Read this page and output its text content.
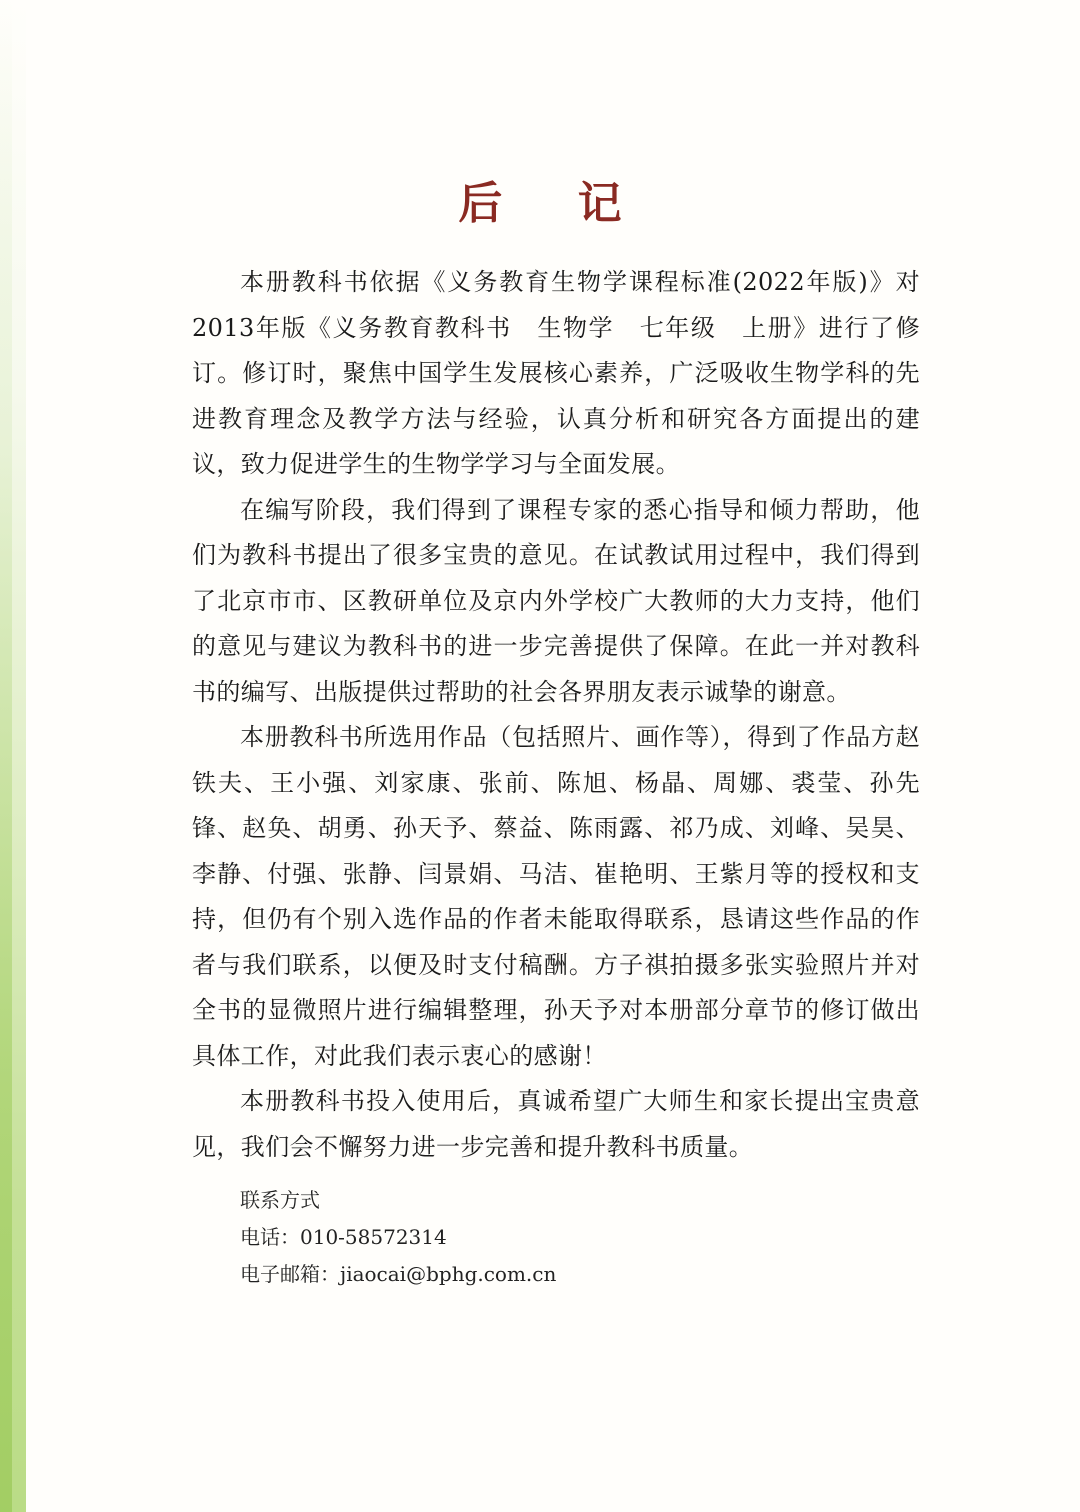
后 记

本册教科书依据《义务教育生物学课程标准(2022年版)》对2013年版《义务教育教科书　生物学　七年级　上册》进行了修订。修订时，聚焦中国学生发展核心素养，广泛吸收生物学科的先进教育理念及教学方法与经验，认真分析和研究各方面提出的建议，致力促进学生的生物学学习与全面发展。

在编写阶段，我们得到了课程专家的悉心指导和倾力帮助，他们为教科书提出了很多宝贵的意见。在试教试用过程中，我们得到了北京市市、区教研单位及京内外学校广大教师的大力支持，他们的意见与建议为教科书的进一步完善提供了保障。在此一并对教科书的编写、出版提供过帮助的社会各界朋友表示诚挚的谢意。

本册教科书所选用作品（包括照片、画作等），得到了作品方赵铁夫、王小强、刘家康、张前、陈旭、杨晶、周娜、裘莹、孙先锋、赵奂、胡勇、孙天予、蔡益、陈雨露、祁乃成、刘峰、吴昊、李静、付强、张静、闫景娟、马洁、崔艳明、王紫月等的授权和支持，但仍有个别入选作品的作者未能取得联系，恳请这些作品的作者与我们联系，以便及时支付稿酬。方子祺拍摄多张实验照片并对全书的显微照片进行编辑整理，孙天予对本册部分章节的修订做出具体工作，对此我们表示衷心的感谢！

本册教科书投入使用后，真诚希望广大师生和家长提出宝贵意见，我们会不懈努力进一步完善和提升教科书质量。

联系方式
电话：010-58572314
电子邮箱：jiaocai@bphg.com.cn
